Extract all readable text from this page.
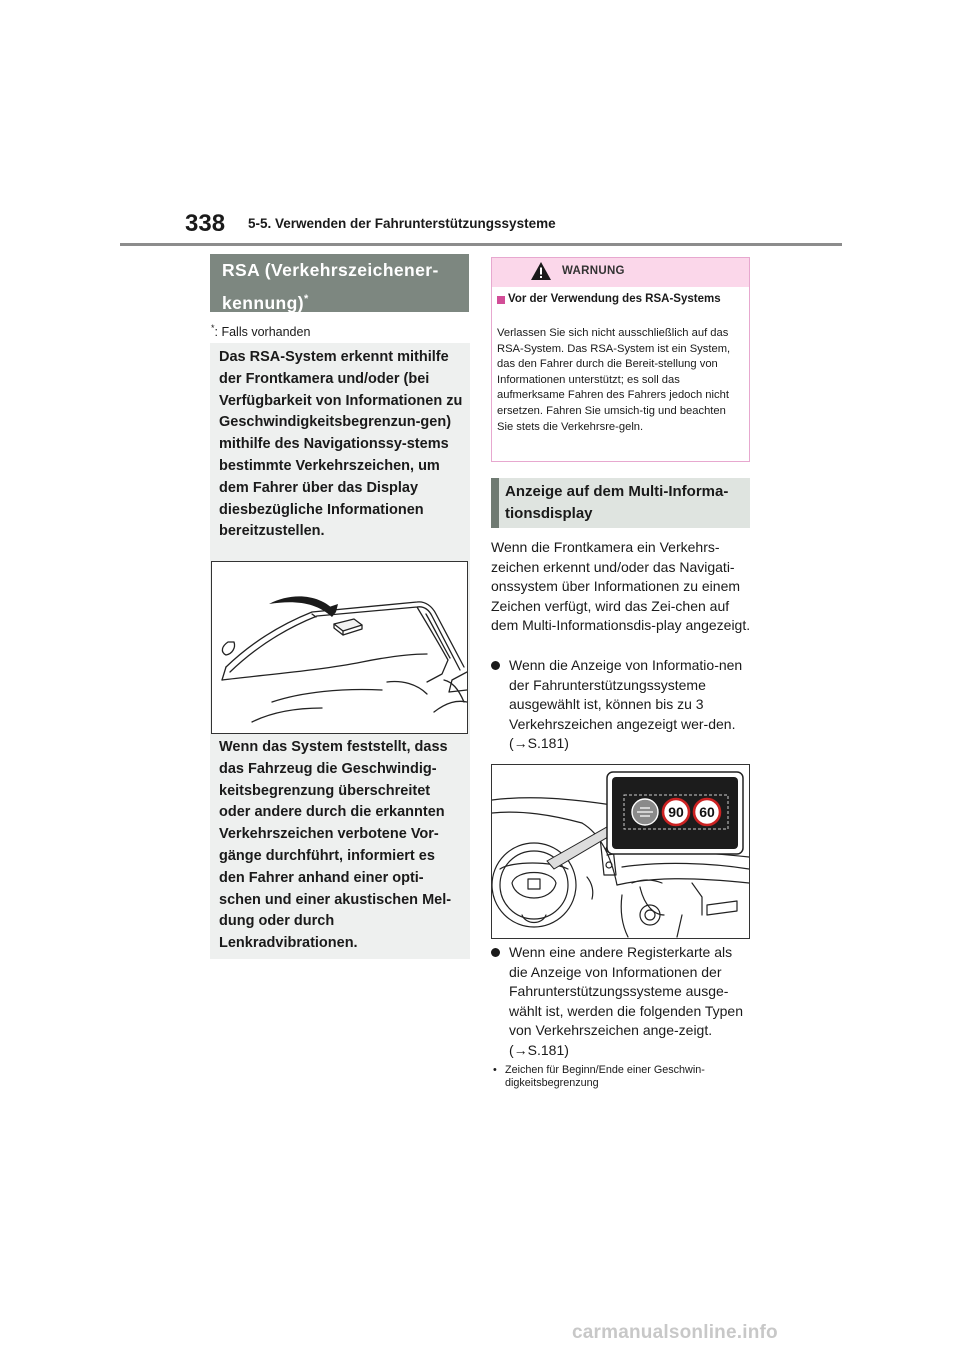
338 5-5. Verwenden der Fahrunterstützungssysteme
RSA (Verkehrszeichener-kennung)*
*: Falls vorhanden
Das RSA-System erkennt mithilfe der Frontkamera und/oder (bei Verfügbarkeit von Informationen zu Geschwindigkeitsbegrenzun-gen) mithilfe des Navigationssy-stems bestimmte Verkehrszeichen, um dem Fahrer über das Display diesbezügliche Informationen bereitzustellen.
Wenn das System feststellt, dass das Fahrzeug die Geschwindig-keitsbegrenzung überschreitet oder andere durch die erkannten Verkehrszeichen verbotene Vor-gänge durchführt, informiert es den Fahrer anhand einer opti-schen und einer akustischen Mel-dung oder durch Lenkradvibrationen.
WARNUNG
Vor der Verwendung des RSA-Systems
Verlassen Sie sich nicht ausschließlich auf das RSA-System. Das RSA-System ist ein System, das den Fahrer durch die Bereit-stellung von Informationen unterstützt; es soll das aufmerksame Fahren des Fahrers jedoch nicht ersetzen. Fahren Sie umsich-tig und beachten Sie stets die Verkehrsre-geln.
Anzeige auf dem Multi-Informa-tionsdisplay
Wenn die Frontkamera ein Verkehrs-zeichen erkennt und/oder das Navigati-onssystem über Informationen zu einem Zeichen verfügt, wird das Zei-chen auf dem Multi-Informationsdis-play angezeigt.
Wenn die Anzeige von Informatio-nen der Fahrunterstützungssysteme ausgewählt ist, können bis zu 3 Verkehrszeichen angezeigt wer-den. (→S.181)
90 60
Wenn eine andere Registerkarte als die Anzeige von Informationen der Fahrunterstützungssysteme ausge-wählt ist, werden die folgenden Typen von Verkehrszeichen ange-zeigt. (→S.181)
• Zeichen für Beginn/Ende einer Geschwin-digkeitsbegrenzung
carmanualsonline.info
